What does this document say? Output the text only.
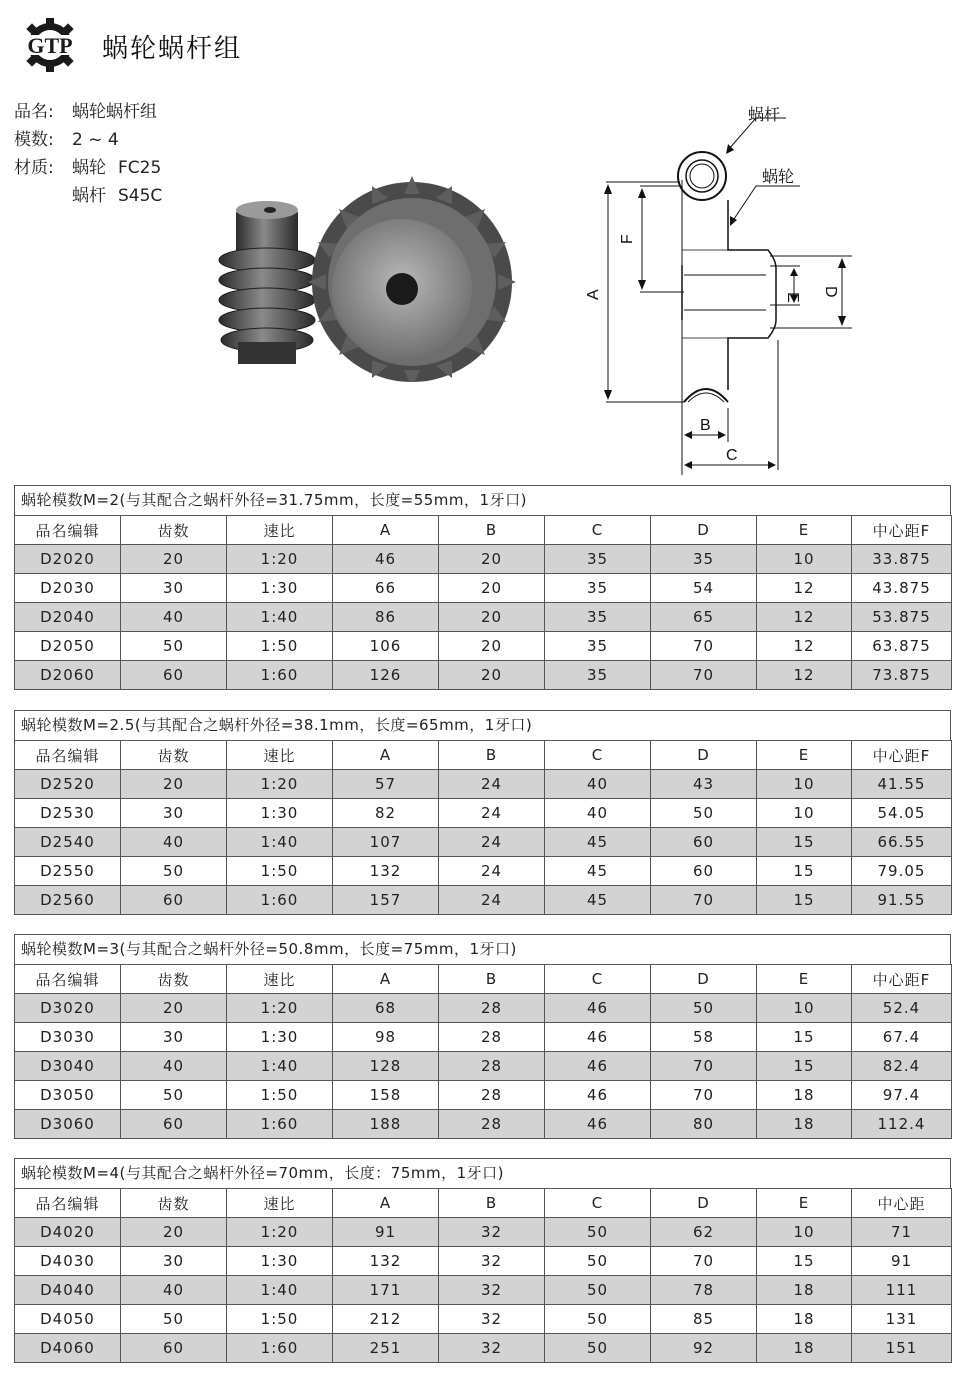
GTP 蜗轮蜗杆组
品名:	蜗轮蜗杆组
模数:	2 ~ 4
材质:	蜗轮 FC25
蜗杆 S45C
蜗杆
蜗轮
A
F
E D
B
C
蜗轮模数M=2(与其配合之蜗杆外径=31.75mm，长度=55mm，1牙口)
品名编辑	齿数	速比	A	B	C	D	E	中心距F
D2020	20	1:20	46	20	35	35	10	33.875
D2030	30	1:30	66	20	35	54	12	43.875
D2040	40	1:40	86	20	35	65	12	53.875
D2050	50	1:50	106	20	35	70	12	63.875
D2060	60	1:60	126	20	35	70	12	73.875
蜗轮模数M=2.5(与其配合之蜗杆外径=38.1mm，长度=65mm，1牙口)
品名编辑	齿数	速比	A	B	C	D	E	中心距F
D2520	20	1:20	57	24	40	43	10	41.55
D2530	30	1:30	82	24	40	50	10	54.05
D2540	40	1:40	107	24	45	60	15	66.55
D2550	50	1:50	132	24	45	60	15	79.05
D2560	60	1:60	157	24	45	70	15	91.55
蜗轮模数M=3(与其配合之蜗杆外径=50.8mm，长度=75mm，1牙口)
品名编辑	齿数	速比	A	B	C	D	E	中心距F
D3020	20	1:20	68	28	46	50	10	52.4
D3030	30	1:30	98	28	46	58	15	67.4
D3040	40	1:40	128	28	46	70	15	82.4
D3050	50	1:50	158	28	46	70	18	97.4
D3060	60	1:60	188	28	46	80	18	112.4
蜗轮模数M=4(与其配合之蜗杆外径=70mm，长度：75mm，1牙口)
品名编辑	齿数	速比	A	B	C	D	E	中心距
D4020	20	1:20	91	32	50	62	10	71
D4030	30	1:30	132	32	50	70	15	91
D4040	40	1:40	171	32	50	78	18	111
D4050	50	1:50	212	32	50	85	18	131
D4060	60	1:60	251	32	50	92	18	151
